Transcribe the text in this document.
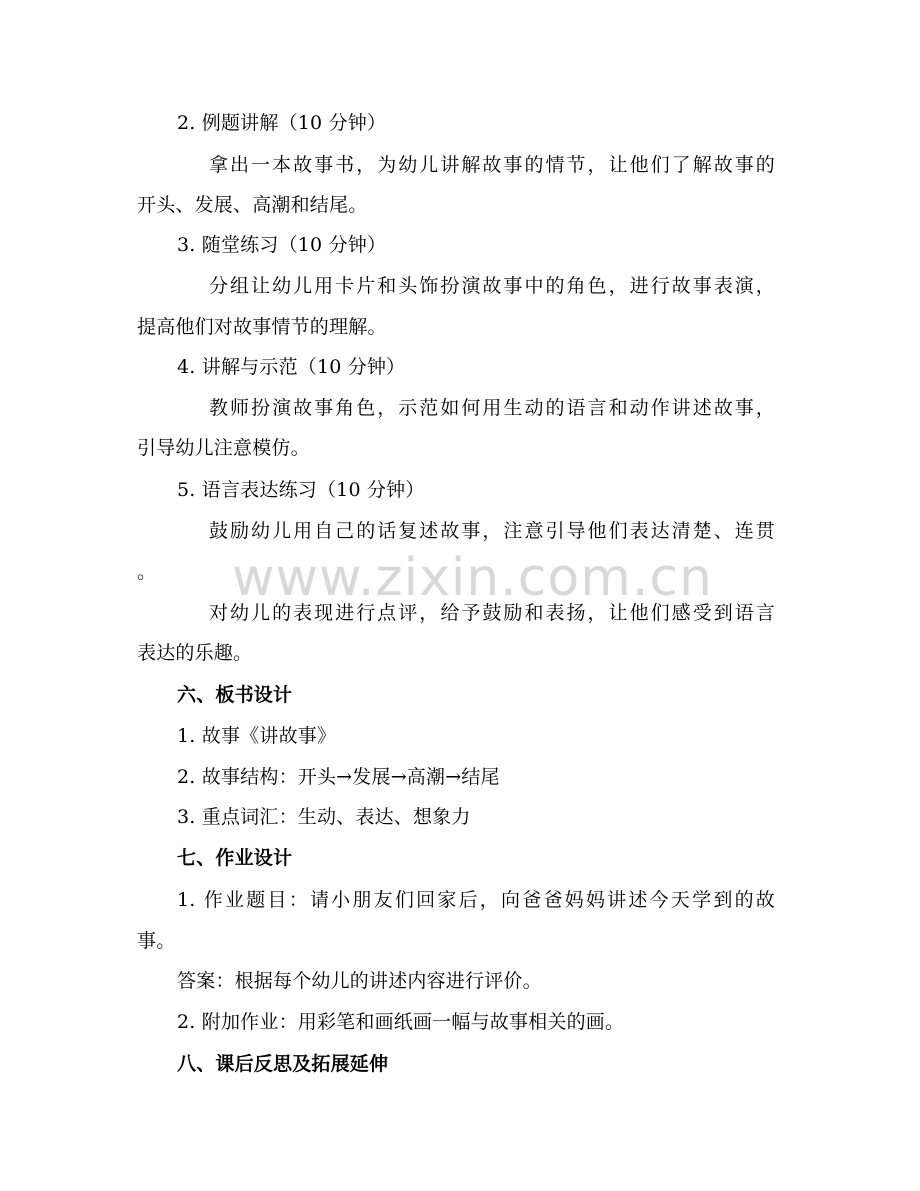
2. 例题讲解（10 分钟）
拿出一本故事书，为幼儿讲解故事的情节，让他们了解故事的
开头、发展、高潮和结尾。
3. 随堂练习（10 分钟）
分组让幼儿用卡片和头饰扮演故事中的角色，进行故事表演，
提高他们对故事情节的理解。
4. 讲解与示范（10 分钟）
教师扮演故事角色，示范如何用生动的语言和动作讲述故事，
引导幼儿注意模仿。
5. 语言表达练习（10 分钟）
鼓励幼儿用自己的话复述故事，注意引导他们表达清楚、连贯
。
对幼儿的表现进行点评，给予鼓励和表扬，让他们感受到语言
表达的乐趣。
六、板书设计
1. 故事《讲故事》
2. 故事结构：开头→发展→高潮→结尾
3. 重点词汇：生动、表达、想象力
七、作业设计
1. 作业题目：请小朋友们回家后，向爸爸妈妈讲述今天学到的故
事。
答案：根据每个幼儿的讲述内容进行评价。
2. 附加作业：用彩笔和画纸画一幅与故事相关的画。
八、课后反思及拓展延伸
www.zixin.com.cn
